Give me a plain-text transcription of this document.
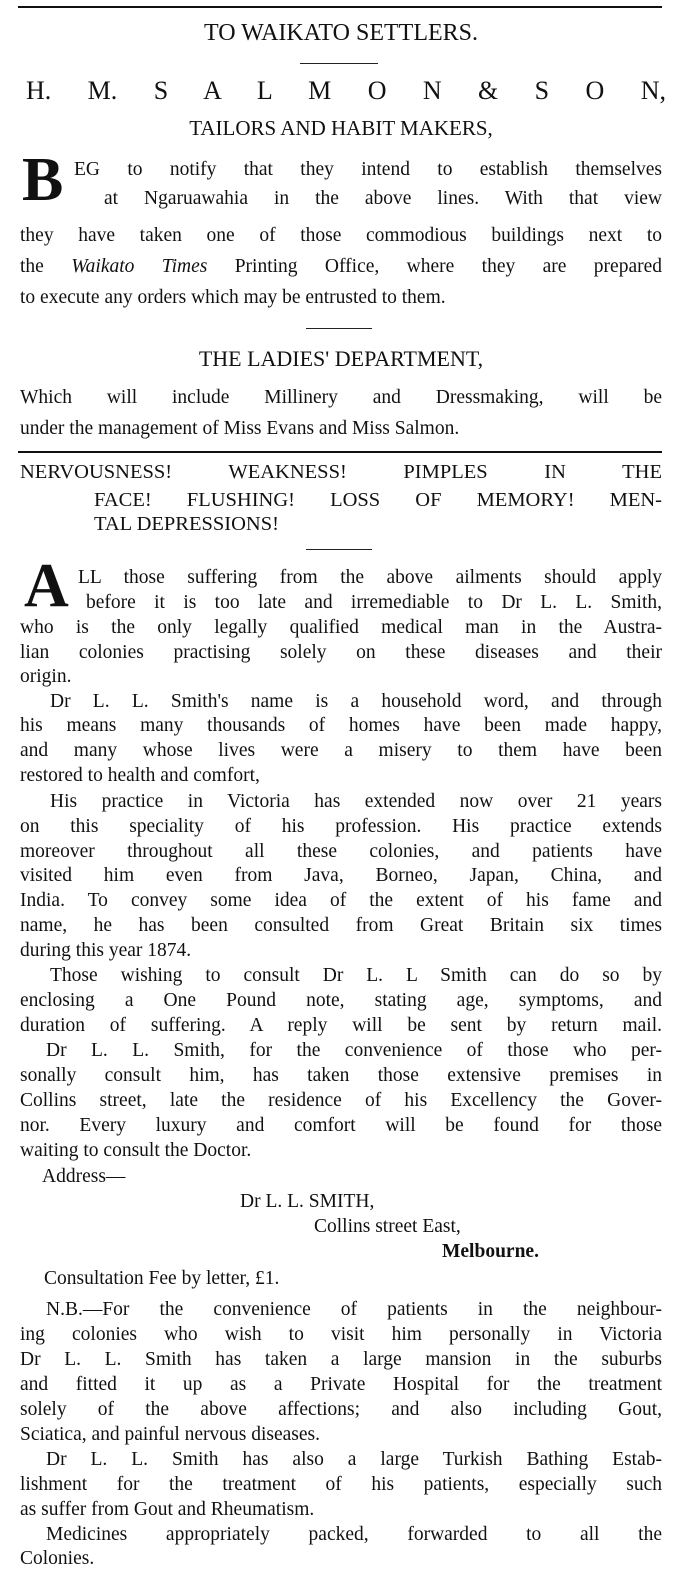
TO WAIKATO SETTLERS.
H. M. S A L M O N & S O N,
TAILORS AND HABIT MAKERS,
B EG to notify that they intend to establish themselves
at Ngaruawahia in the above lines. With that view
they have taken one of those commodious buildings next to
the Waikato Times Printing Office, where they are prepared
to execute any orders which may be entrusted to them.
THE LADIES' DEPARTMENT,
Which will include Millinery and Dressmaking, will be
under the management of Miss Evans and Miss Salmon.
NERVOUSNESS! WEAKNESS! PIMPLES IN THE
FACE! FLUSHING! LOSS OF MEMORY! MEN-
TAL DEPRESSIONS!
A LL those suffering from the above ailments should apply
before it is too late and irremediable to Dr L. L. Smith,
who is the only legally qualified medical man in the Austra-
lian colonies practising solely on these diseases and their
origin.
Dr L. L. Smith's name is a household word, and through
his means many thousands of homes have been made happy,
and many whose lives were a misery to them have been
restored to health and comfort,
His practice in Victoria has extended now over 21 years
on this speciality of his profession. His practice extends
moreover throughout all these colonies, and patients have
visited him even from Java, Borneo, Japan, China, and
India. To convey some idea of the extent of his fame and
name, he has been consulted from Great Britain six times
during this year 1874.
Those wishing to consult Dr L. L Smith can do so by
enclosing a One Pound note, stating age, symptoms, and
duration of suffering. A reply will be sent by return mail.
Dr L. L. Smith, for the convenience of those who per-
sonally consult him, has taken those extensive premises in
Collins street, late the residence of his Excellency the Gover-
nor. Every luxury and comfort will be found for those
waiting to consult the Doctor.
Address—
Dr L. L. SMITH,
Collins street East,
Melbourne.
Consultation Fee by letter, £1.
N.B.—For the convenience of patients in the neighbour-
ing colonies who wish to visit him personally in Victoria
Dr L. L. Smith has taken a large mansion in the suburbs
and fitted it up as a Private Hospital for the treatment
solely of the above affections; and also including Gout,
Sciatica, and painful nervous diseases.
Dr L. L. Smith has also a large Turkish Bathing Estab-
lishment for the treatment of his patients, especially such
as suffer from Gout and Rheumatism.
Medicines appropriately packed, forwarded to all the
Colonies.
